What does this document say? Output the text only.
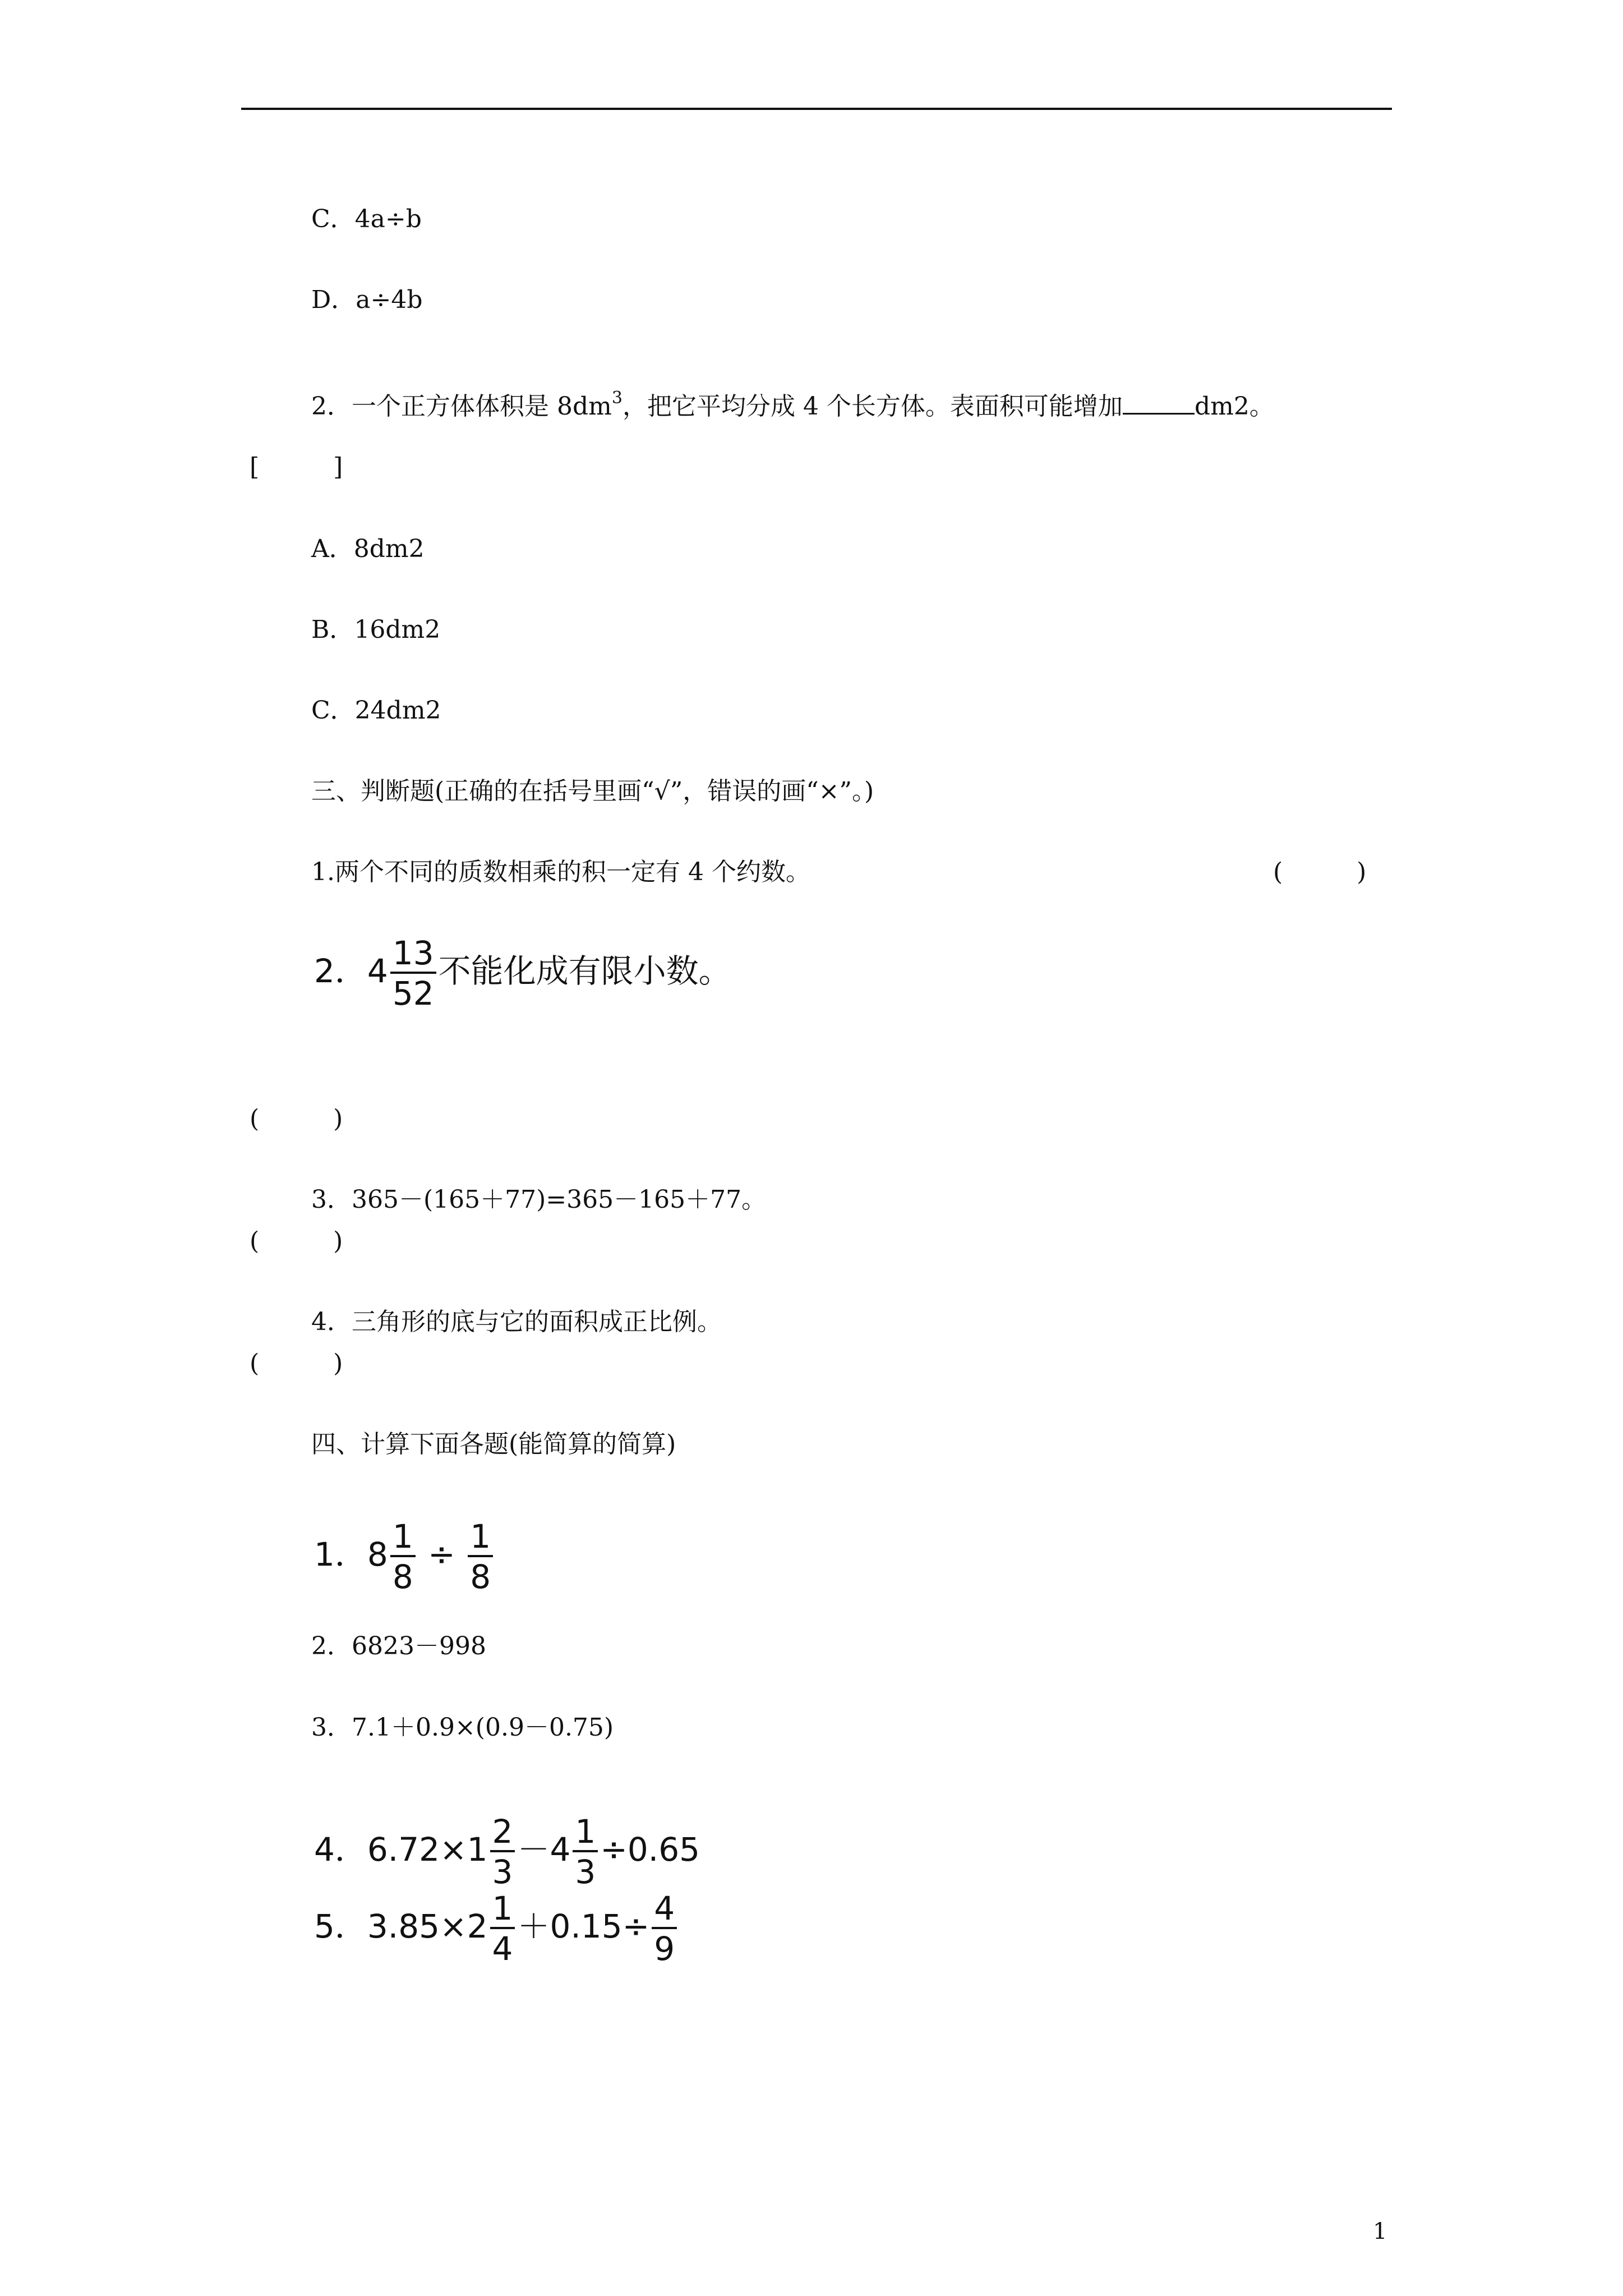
C．4a÷b
D．a÷4b
2．一个正方体体积是 $8dm^3$，把它平均分成 4 个长方体。表面积可能增加	dm2。
[　　　]
A．8dm2
B．16dm2
C．24dm2
三、判断题(正确的在括号里画“√”，错误的画“×”。)
1.两个不同的质数相乘的积一定有 4 个约数。	(　　　)
2．$4 \frac{13}{52}$ 不能化成有限小数。
(　　　)
3．365－(165＋77)=365－165＋77。
(　　　)
4．三角形的底与它的面积成正比例。
(　　　)
四、计算下面各题(能简算的简算)
1．$8 \frac{1}{8} \div \frac{1}{8}$
2．6823－998
3．7.1＋0.9×(0.9－0.75)
4．$6.72\times 1 \frac{2}{3} -4 \frac{1}{3} \div 0.65$
5．$3.85\times 2 \frac{1}{4} +0.15\div \frac{4}{9}$
1
